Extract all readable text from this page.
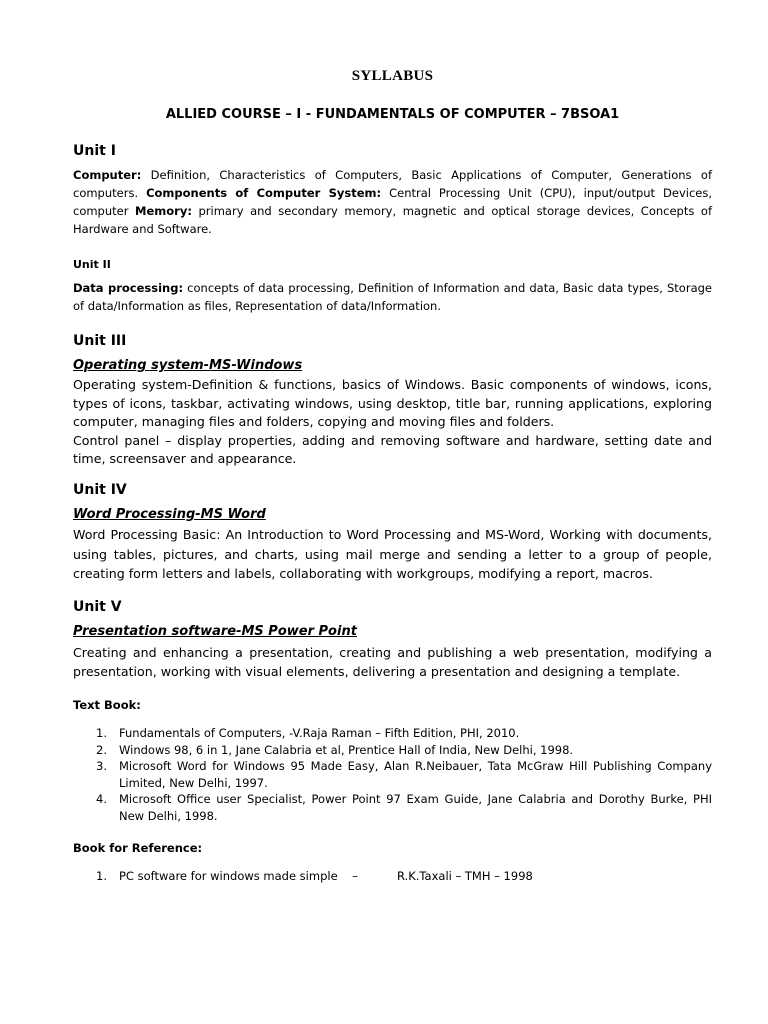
SYLLABUS
ALLIED COURSE – I - FUNDAMENTALS OF COMPUTER – 7BSOA1
Unit I
Computer: Definition, Characteristics of Computers, Basic Applications of Computer, Generations of computers. Components of Computer System: Central Processing Unit (CPU), input/output Devices, computer Memory: primary and secondary memory, magnetic and optical storage devices, Concepts of Hardware and Software.
Unit II
Data processing: concepts of data processing, Definition of Information and data, Basic data types, Storage of data/Information as files, Representation of data/Information.
Unit III
Operating system-MS-Windows
Operating system-Definition & functions, basics of Windows. Basic components of windows, icons, types of icons, taskbar, activating windows, using desktop, title bar, running applications, exploring computer, managing files and folders, copying and moving files and folders.
Control panel – display properties, adding and removing software and hardware, setting date and time, screensaver and appearance.
Unit IV
Word Processing-MS Word
Word Processing Basic: An Introduction to Word Processing and MS-Word, Working with documents, using tables, pictures, and charts, using mail merge and sending a letter to a group of people, creating form letters and labels, collaborating with workgroups, modifying a report, macros.
Unit V
Presentation software-MS Power Point
Creating and enhancing a presentation, creating and publishing a web presentation, modifying a presentation, working with visual elements, delivering a presentation and designing a template.
Text Book:
1. Fundamentals of Computers, -V.Raja Raman – Fifth Edition, PHI, 2010.
2. Windows 98, 6 in 1, Jane Calabria et al, Prentice Hall of India, New Delhi, 1998.
3. Microsoft Word for Windows 95 Made Easy, Alan R.Neibauer, Tata McGraw Hill Publishing Company Limited, New Delhi, 1997.
4. Microsoft Office user Specialist, Power Point 97 Exam Guide, Jane Calabria and Dorothy Burke, PHI New Delhi, 1998.
Book for Reference:
1. PC software for windows made simple    –	R.K.Taxali – TMH – 1998
